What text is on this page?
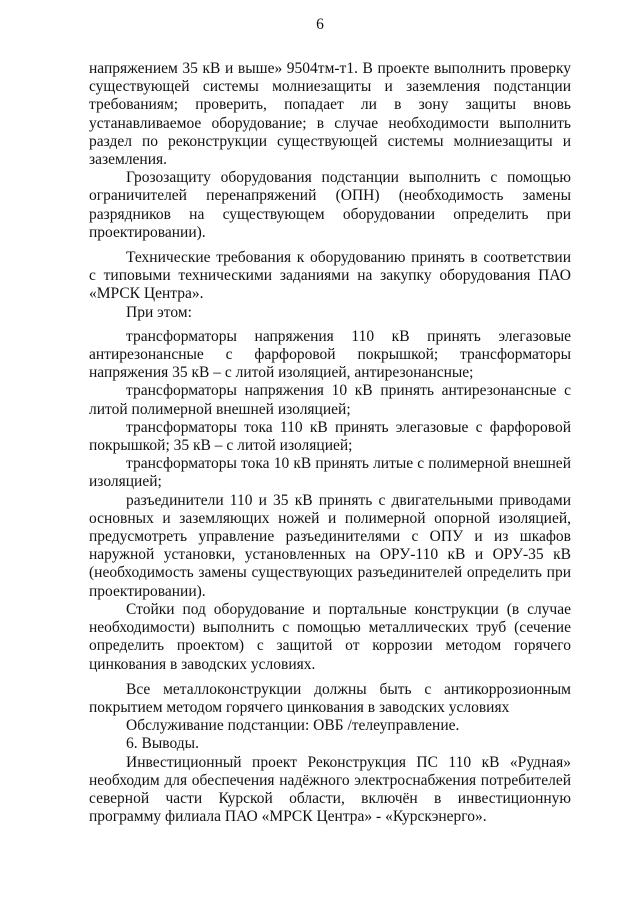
6

напряжением 35 кВ и выше» 9504тм-т1. В проекте выполнить проверку существующей системы молниезащиты и заземления подстанции требованиям; проверить, попадает ли в зону защиты вновь устанавливаемое оборудование; в случае необходимости выполнить раздел по реконструкции существующей системы молниезащиты и заземления.

Грозозащиту оборудования подстанции выполнить с помощью ограничителей перенапряжений (ОПН) (необходимость замены разрядников на существующем оборудовании определить при проектировании).

Технические требования к оборудованию принять в соответствии с типовыми техническими заданиями на закупку оборудования ПАО «МРСК Центра».

При этом:

трансформаторы напряжения 110 кВ принять элегазовые антирезонансные с фарфоровой покрышкой; трансформаторы напряжения 35 кВ – с литой изоляцией, антирезонансные;

трансформаторы напряжения 10 кВ принять антирезонансные с литой полимерной внешней изоляцией;

трансформаторы тока 110 кВ принять элегазовые с фарфоровой покрышкой; 35 кВ – с литой изоляцией;

трансформаторы тока 10 кВ принять литые с полимерной внешней изоляцией;

разъединители 110 и 35 кВ принять с двигательными приводами основных и заземляющих ножей и полимерной опорной изоляцией, предусмотреть управление разъединителями с ОПУ и из шкафов наружной установки, установленных на ОРУ-110 кВ и ОРУ-35 кВ (необходимость замены существующих разъединителей определить при проектировании).

Стойки под оборудование и портальные конструкции (в случае необходимости) выполнить с помощью металлических труб (сечение определить проектом) с защитой от коррозии методом горячего цинкования в заводских условиях.

Все металлоконструкции должны быть с антикоррозионным покрытием методом горячего цинкования в заводских условиях

Обслуживание подстанции: ОВБ /телеуправление.

6. Выводы.

Инвестиционный проект Реконструкция ПС 110 кВ «Рудная» необходим для обеспечения надёжного электроснабжения потребителей северной части Курской области, включён в инвестиционную программу филиала ПАО «МРСК Центра» - «Курскэнерго».
